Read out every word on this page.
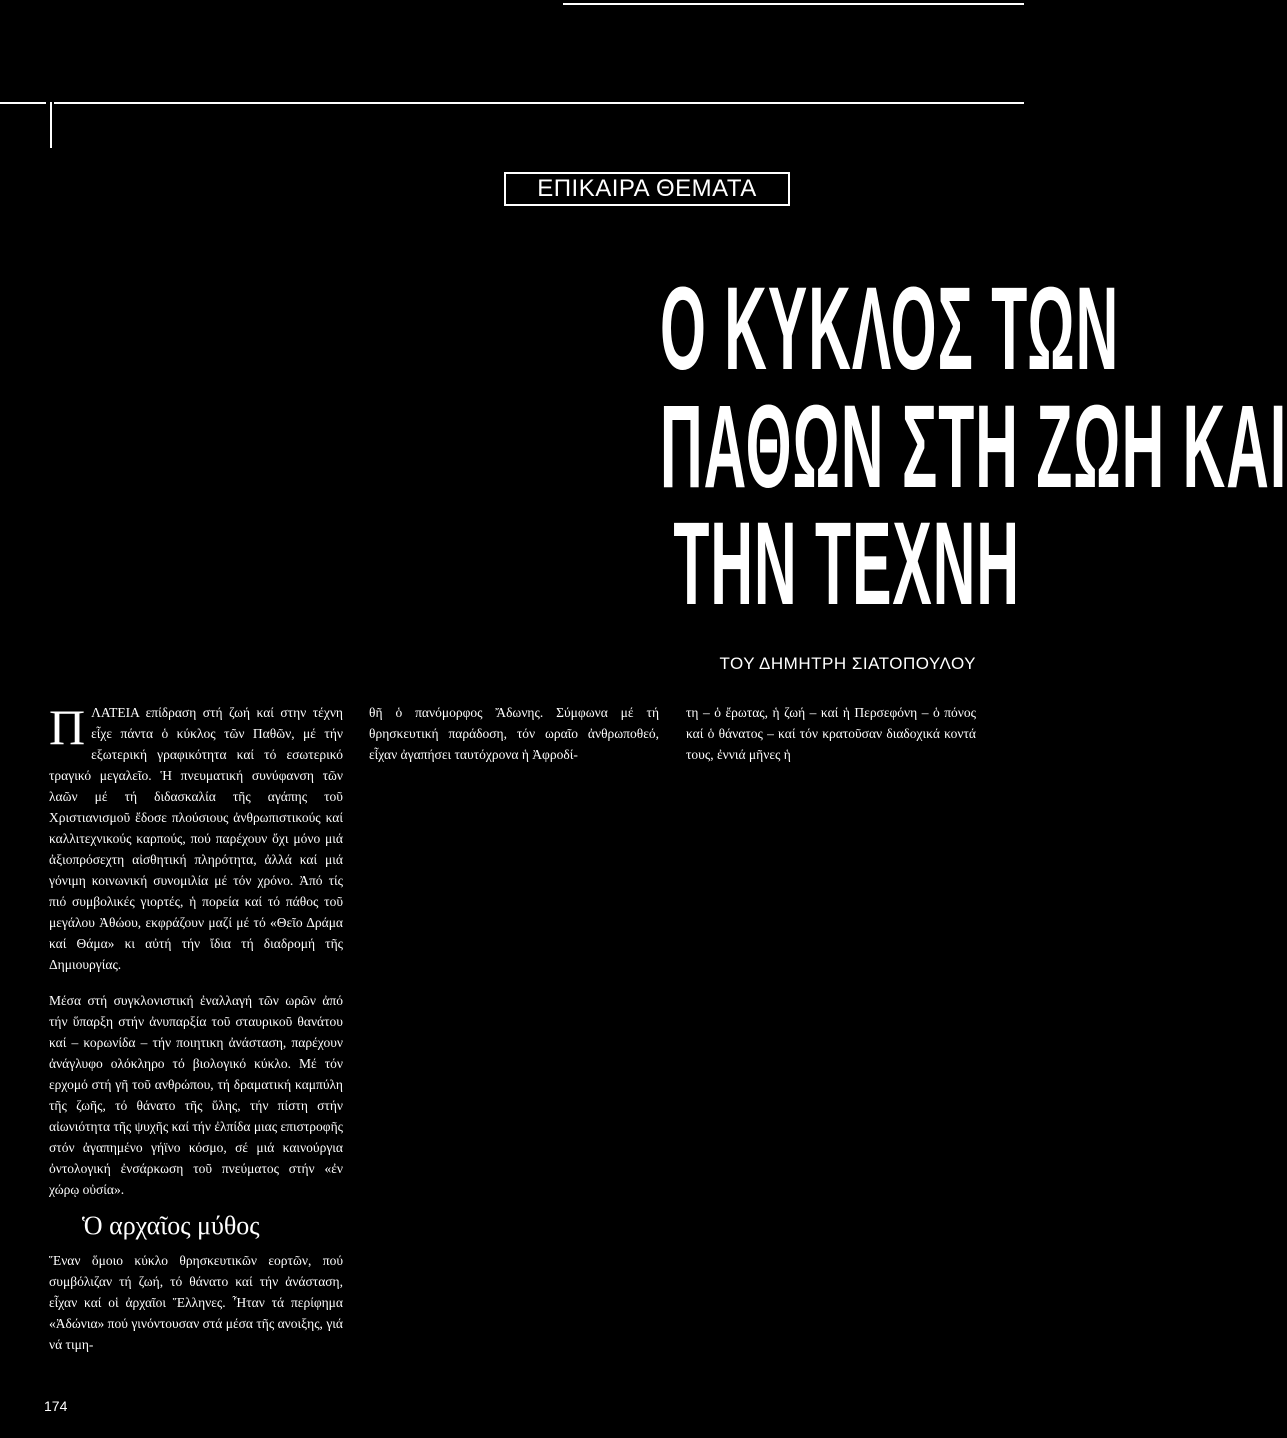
ΕΠΙΚΑΙΡΑ ΘΕΜΑΤΑ
Ο ΚΥΚΛΟΣ ΤΩΝ
ΠΑΘΩΝ ΣΤΗ ΖΩΗ ΚΑΙ
ΤΗΝ ΤΕΧΝΗ
ΤΟΥ ΔΗΜΗΤΡΗ ΣΙΑΤΟΠΟΥΛΟΥ

ΠΛΑΤΕΙΑ επίδραση στή ζωή καί στην τέχνη εἶχε πάντα ὁ κύκλος τῶν Παθῶν, μέ τήν εξωτερική γραφικότητα καί τό εσωτερικό τραγικό μεγαλεῖο. Ἡ πνευματική συνύφανση τῶν λαῶν μέ τή διδασκαλία τῆς αγάπης τοῦ Χριστιανισμοῦ ἔδοσε πλούσιους ἀνθρωπιστικούς καί καλλιτεχνικούς καρπούς, πού παρέχουν ὄχι μόνο μιά ἀξιοπρόσεχτη αἰσθητική πληρότητα, ἀλλά καί μιά γόνιμη κοινωνική συνομιλία μέ τόν χρόνο. Ἀπό τίς πιό συμβολικές γιορτές, ἡ πορεία καί τό πάθος τοῦ μεγάλου Ἀθώου, εκφράζουν μαζί μέ τό «Θεῖο Δράμα καί Θάμα» κι αὐτή τήν ἴδια τή διαδρομή τῆς Δημιουργίας.

Μέσα στή συγκλονιστική ἐναλλαγή τῶν ωρῶν ἀπό τήν ὕπαρξη στήν ἀνυπαρξία τοῦ σταυρικοῦ θανάτου καί – κορωνίδα – τήν ποιητικη ἀνάσταση, παρέχουν ἀνάγλυφο ολόκληρο τό βιολογικό κύκλο. Μέ τόν ερχομό στή γῆ τοῦ ανθρώπου, τή δραματική καμπύλη τῆς ζωῆς, τό θάνατο τῆς ὕλης, τήν πίστη στήν αἰωνιότητα τῆς ψυχῆς καί τήν ἐλπίδα μιας επιστροφῆς στόν ἀγαπημένο γήϊνο κόσμο, σέ μιά καινούργια ὀντολογική ἐνσάρκωση τοῦ πνεύματος στήν «ἐν χώρῳ οὐσία».

Ὁ αρχαῖος μύθος

Ἕναν ὅμοιο κύκλο θρησκευτικῶν εορτῶν, πού συμβόλιζαν τή ζωή, τό θάνατο καί τήν ἀνάσταση, εἶχαν καί οἱ ἀρχαῖοι Ἕλληνες. Ἦταν τά περίφημα «Ἀδώνια» πού γινόντουσαν στά μέσα τῆς ανοιξης, γιά νά τιμη-

θῆ ὁ πανόμορφος Ἄδωνης. Σύμφωνα μέ τή θρησκευτική παράδοση, τόν ωραῖο ἀνθρωποθεό, εἶχαν ἀγαπήσει ταυτόχρονα ἡ Ἀφροδί-

τη – ὁ ἔρωτας, ἡ ζωή – καί ἡ Περσεφόνη – ὁ πόνος καί ὁ θάνατος – καί τόν κρατοῦσαν διαδοχικά κοντά τους, ἐννιά μῆνες ἡ

174
